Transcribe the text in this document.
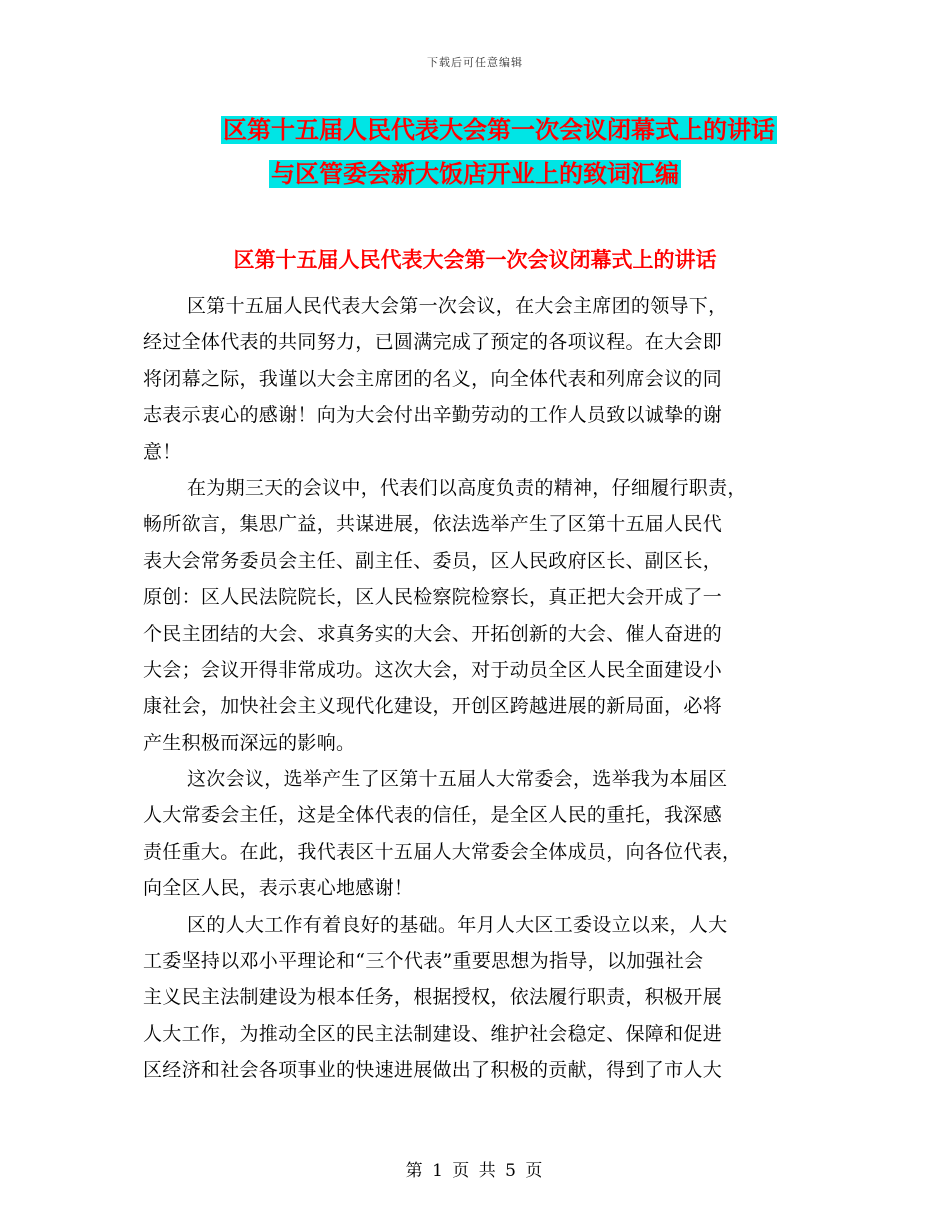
下载后可任意编辑
区第十五届人民代表大会第一次会议闭幕式上的讲话
与区管委会新大饭店开业上的致词汇编
区第十五届人民代表大会第一次会议闭幕式上的讲话
区第十五届人民代表大会第一次会议，在大会主席团的领导下，
经过全体代表的共同努力，已圆满完成了预定的各项议程。在大会即
将闭幕之际，我谨以大会主席团的名义，向全体代表和列席会议的同
志表示衷心的感谢！向为大会付出辛勤劳动的工作人员致以诚挚的谢
意！
在为期三天的会议中，代表们以高度负责的精神，仔细履行职责，
畅所欲言，集思广益，共谋进展，依法选举产生了区第十五届人民代
表大会常务委员会主任、副主任、委员，区人民政府区长、副区长，
原创：区人民法院院长，区人民检察院检察长，真正把大会开成了一
个民主团结的大会、求真务实的大会、开拓创新的大会、催人奋进的
大会；会议开得非常成功。这次大会，对于动员全区人民全面建设小
康社会，加快社会主义现代化建设，开创区跨越进展的新局面，必将
产生积极而深远的影响。
这次会议，选举产生了区第十五届人大常委会，选举我为本届区
人大常委会主任，这是全体代表的信任，是全区人民的重托，我深感
责任重大。在此，我代表区十五届人大常委会全体成员，向各位代表，
向全区人民，表示衷心地感谢！
区的人大工作有着良好的基础。年月人大区工委设立以来，人大
工委坚持以邓小平理论和“三个代表”重要思想为指导，以加强社会
主义民主法制建设为根本任务，根据授权，依法履行职责，积极开展
人大工作，为推动全区的民主法制建设、维护社会稳定、保障和促进
区经济和社会各项事业的快速进展做出了积极的贡献，得到了市人大
第 1 页 共 5 页
